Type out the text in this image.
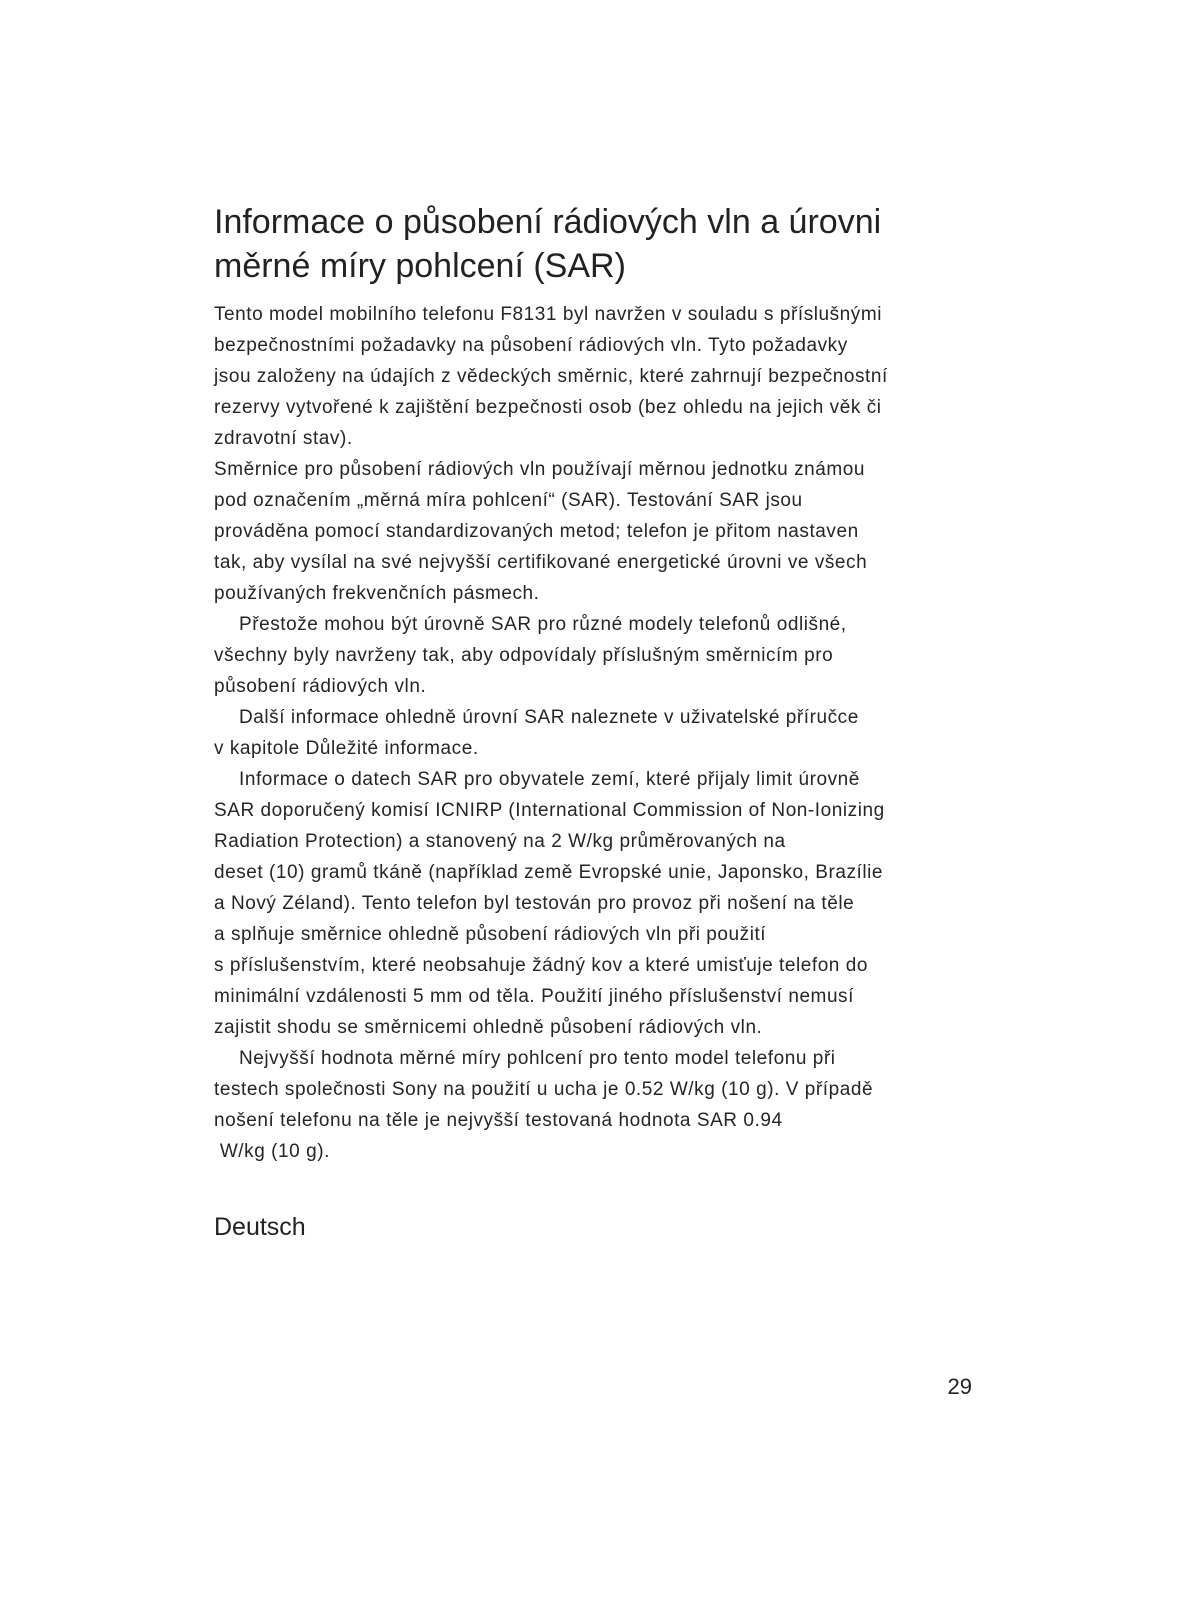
Informace o působení rádiových vln a úrovni
měrné míry pohlcení (SAR)

Tento model mobilního telefonu F8131 byl navržen v souladu s příslušnými
bezpečnostními požadavky na působení rádiových vln. Tyto požadavky
jsou založeny na údajích z vědeckých směrnic, které zahrnují bezpečnostní
rezervy vytvořené k zajištění bezpečnosti osob (bez ohledu na jejich věk či
zdravotní stav).

Směrnice pro působení rádiových vln používají měrnou jednotku známou
pod označením „měrná míra pohlcení“ (SAR). Testování SAR jsou
prováděna pomocí standardizovaných metod; telefon je přitom nastaven
tak, aby vysílal na své nejvyšší certifikované energetické úrovni ve všech
používaných frekvenčních pásmech.

Přestože mohou být úrovně SAR pro různé modely telefonů odlišné,
všechny byly navrženy tak, aby odpovídaly příslušným směrnicím pro
působení rádiových vln.

Další informace ohledně úrovní SAR naleznete v uživatelské příručce
v kapitole Důležité informace.

Informace o datech SAR pro obyvatele zemí, které přijaly limit úrovně
SAR doporučený komisí ICNIRP (International Commission of Non-Ionizing
Radiation Protection) a stanovený na 2 W/kg průměrovaných na
deset (10) gramů tkáně (například země Evropské unie, Japonsko, Brazílie
a Nový Zéland). Tento telefon byl testován pro provoz při nošení na těle
a splňuje směrnice ohledně působení rádiových vln při použití
s příslušenstvím, které neobsahuje žádný kov a které umisťuje telefon do
minimální vzdálenosti 5 mm od těla. Použití jiného příslušenství nemusí
zajistit shodu se směrnicemi ohledně působení rádiových vln.

Nejvyšší hodnota měrné míry pohlcení pro tento model telefonu při
testech společnosti Sony na použití u ucha je 0.52 W/kg (10 g). V případě
nošení telefonu na těle je nejvyšší testovaná hodnota SAR 0.94
W/kg (10 g).

Deutsch
29
